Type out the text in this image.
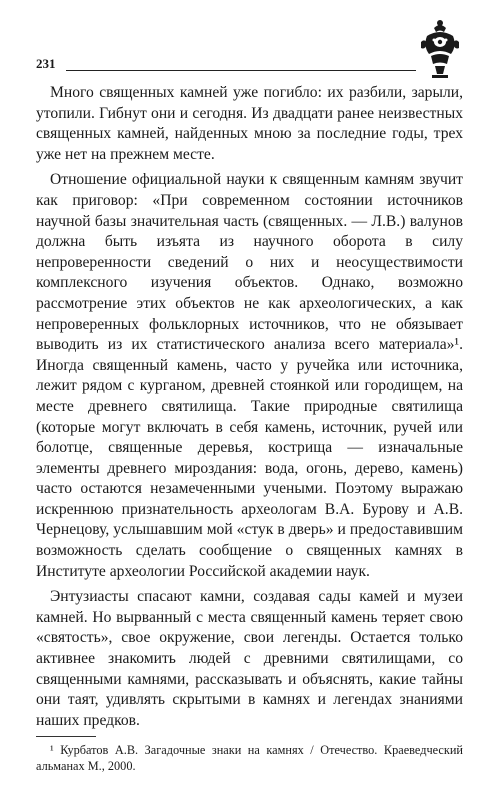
231

Много священных камней уже погибло: их разбили, зарыли, утопили. Гибнут они и сегодня. Из двадцати ранее неизвестных священных камней, найденных мною за последние годы, трех уже нет на прежнем месте.

Отношение официальной науки к священным камням звучит как приговор: «При современном состоянии источников научной базы значительная часть (священных. — Л.В.) валунов должна быть изъята из научного оборота в силу непроверенности сведений о них и неосуществимости комплексного изучения объектов. Однако, возможно рассмотрение этих объектов не как археологических, а как непроверенных фольклорных источников, что не обязывает выводить из их статистического анализа всего материала»¹. Иногда священный камень, часто у ручейка или источника, лежит рядом с курганом, древней стоянкой или городищем, на месте древнего святилища. Такие природные святилища (которые могут включать в себя камень, источник, ручей или болотце, священные деревья, кострища — изначальные элементы древнего мироздания: вода, огонь, дерево, камень) часто остаются незамеченными учеными. Поэтому выражаю искреннюю признательность археологам В.А. Бурову и А.В. Чернецову, услышавшим мой «стук в дверь» и предоставившим возможность сделать сообщение о священных камнях в Институте археологии Российской академии наук.

Энтузиасты спасают камни, создавая сады камей и музеи камней. Но вырванный с места священный камень теряет свою «святость», свое окружение, свои легенды. Остается только активнее знакомить людей с древними святилищами, со священными камнями, рассказывать и объяснять, какие тайны они таят, удивлять скрытыми в камнях и легендах знаниями наших предков.

¹ Курбатов А.В. Загадочные знаки на камнях / Отечество. Краеведческий альманах М., 2000.
